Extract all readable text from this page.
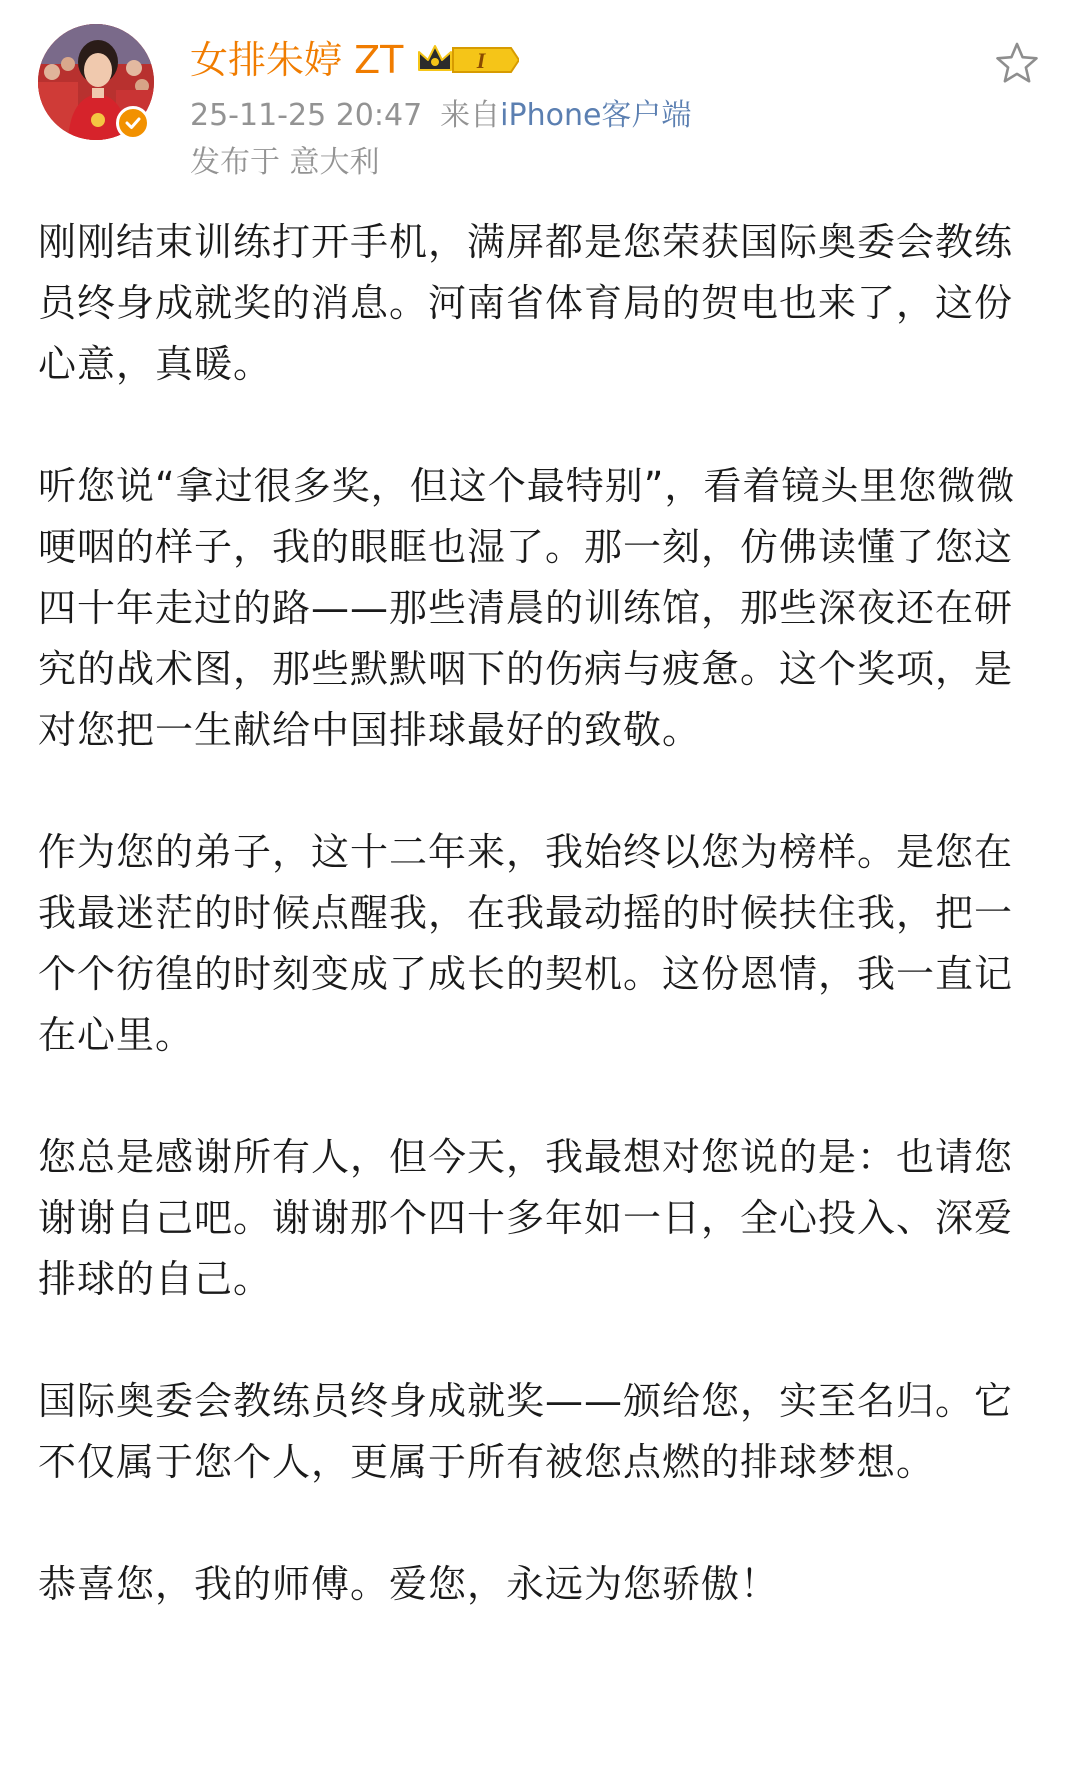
女排朱婷 ZT	I
25-11-25 20:47 来自iPhone客户端
发布于 意大利

刚刚结束训练打开手机，满屏都是您荣获国际奥委会教练员终身成就奖的消息。河南省体育局的贺电也来了，这份心意，真暖。

听您说“拿过很多奖，但这个最特别”，看着镜头里您微微哽咽的样子，我的眼眶也湿了。那一刻，仿佛读懂了您这四十年走过的路——那些清晨的训练馆，那些深夜还在研究的战术图，那些默默咽下的伤病与疲惫。这个奖项，是对您把一生献给中国排球最好的致敬。

作为您的弟子，这十二年来，我始终以您为榜样。是您在我最迷茫的时候点醒我，在我最动摇的时候扶住我，把一个个彷徨的时刻变成了成长的契机。这份恩情，我一直记在心里。

您总是感谢所有人，但今天，我最想对您说的是：也请您谢谢自己吧。谢谢那个四十多年如一日，全心投入、深爱排球的自己。

国际奥委会教练员终身成就奖——颁给您，实至名归。它不仅属于您个人，更属于所有被您点燃的排球梦想。

恭喜您，我的师傅。爱您，永远为您骄傲！
